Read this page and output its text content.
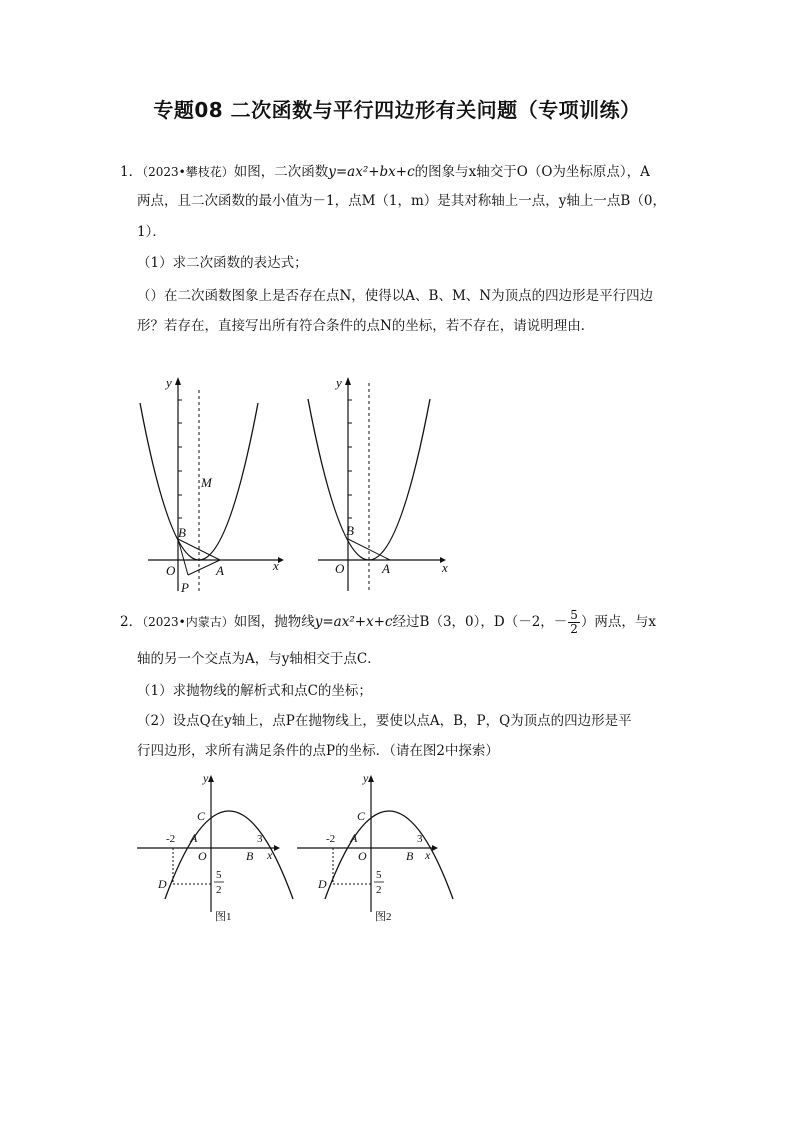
专题08 二次函数与平行四边形有关问题（专项训练）
1．（2023•攀枝花）如图，二次函数y=ax²+bx+c的图象与x轴交于O（O为坐标原点），A
两点，且二次函数的最小值为－1，点M（1，m）是其对称轴上一点，y轴上一点B（0，
1）．
（1）求二次函数的表达式；
（）在二次函数图象上是否存在点N，使得以A、B、M、N为顶点的四边形是平行四边
形？若存在，直接写出所有符合条件的点N的坐标，若不存在，请说明理由．
y
x
O	A
B
M
P
y
x
O	A
B
2．（2023•内蒙古）如图，抛物线y=ax²+x+c经过B（3，0），D（－2，－ $\frac{5}{2}$ ）两点，与x
轴的另一个交点为A，与y轴相交于点C．
（1）求抛物线的解析式和点C的坐标；
（2）设点Q在y轴上，点P在抛物线上，要使以点A，B，P，Q为顶点的四边形是平
行四边形，求所有满足条件的点P的坐标．（请在图2中探索）
y
x
C
A
O	B
D
-2	3
5
2
图1
y
x
C
A
O	B
D
-2	3
5
2
图2
